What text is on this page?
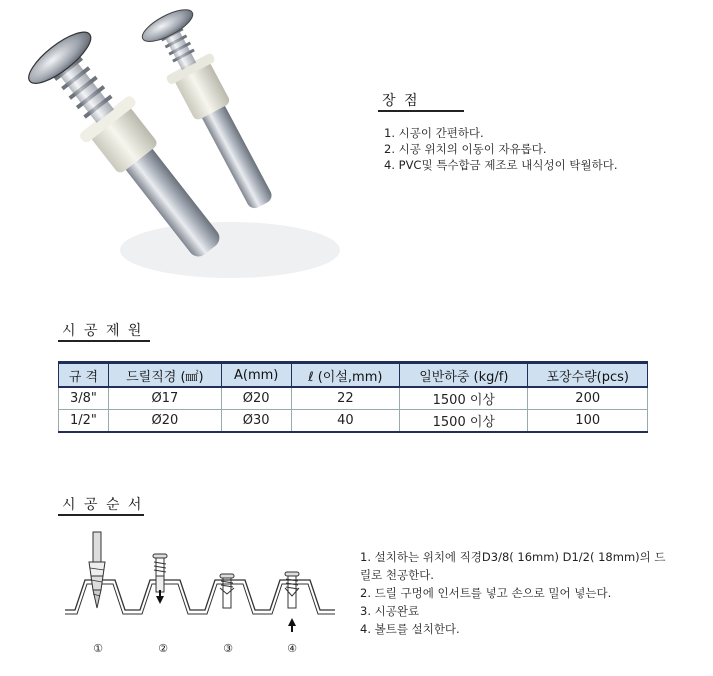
장 점
1. 시공이 간편하다.
2. 시공 위치의 이동이 자유롭다.
4. PVC및 특수합금 제조로 내식성이 탁월하다.
시 공 제 원
규 격	드릴직경 (㎟)	A(mm)	ℓ (이설,mm)	일반하중 (kg/f)	포장수량(pcs)
3/8"	Ø17	Ø20	22	1500 이상	200
1/2"	Ø20	Ø30	40	1500 이상	100
시 공 순 서
①	②	③	④
1. 설치하는 위치에 직경D3/8( 16mm) D1/2( 18mm)의 드
릴로 천공한다.
2. 드릴 구멍에 인서트를 넣고 손으로 밀어 넣는다.
3. 시공완료
4. 볼트를 설치한다.
